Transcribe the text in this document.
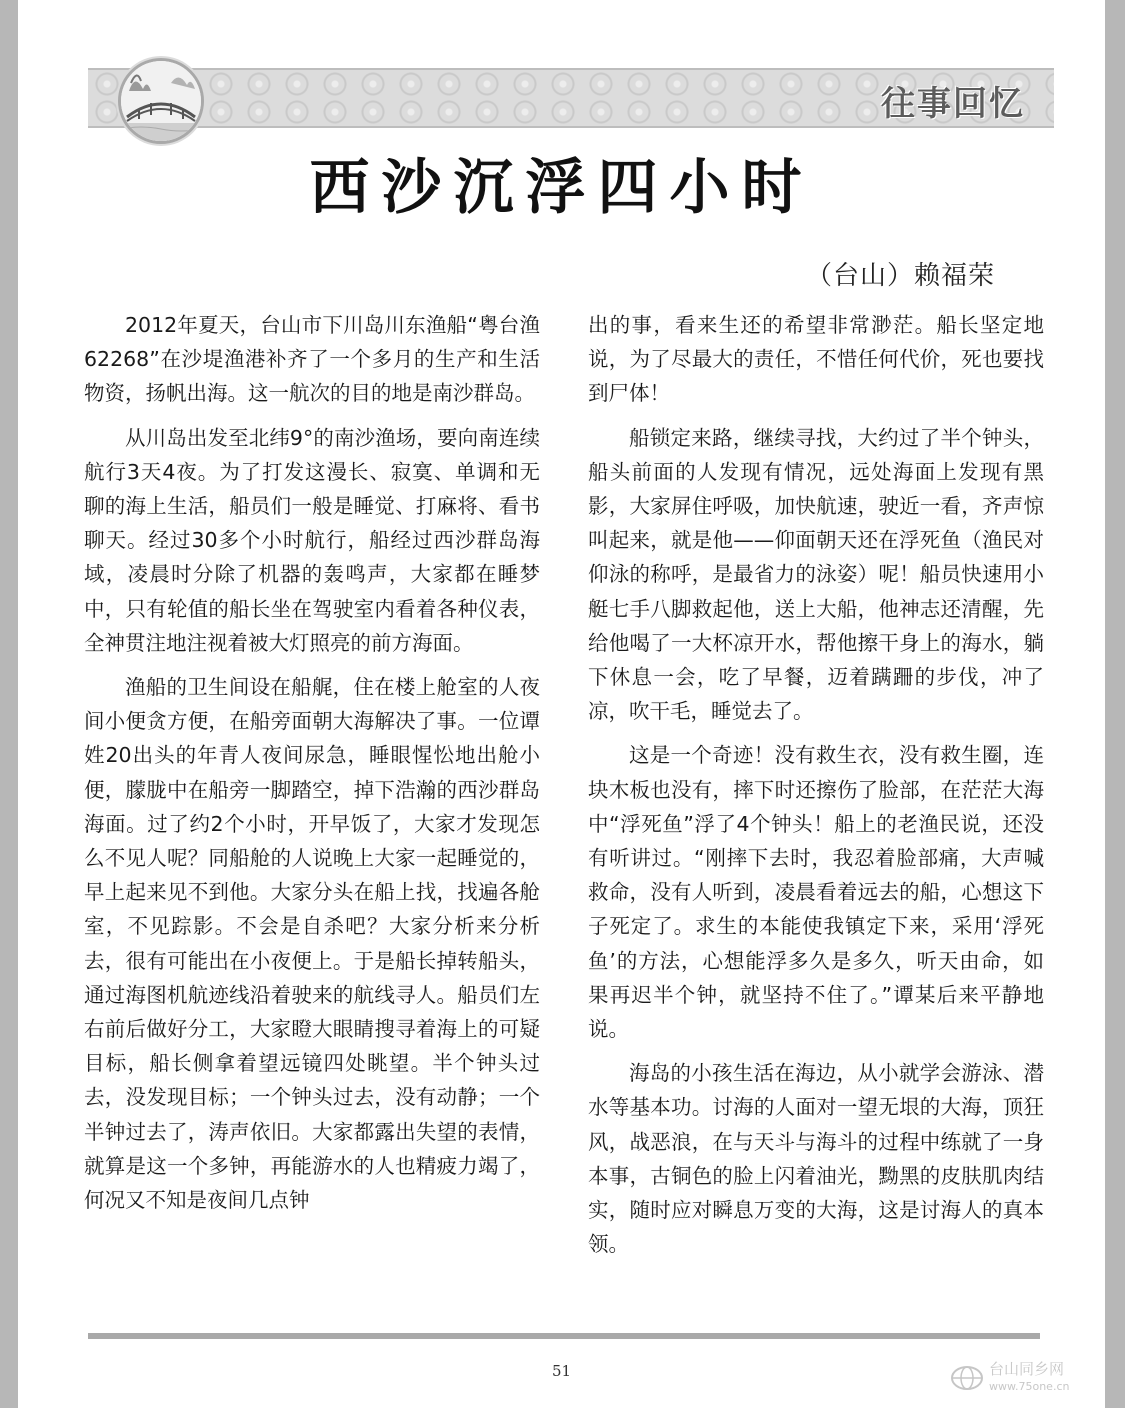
往事回忆
西沙沉浮四小时
（台山）赖福荣

2012年夏天，台山市下川岛川东渔船“粤台渔62268”在沙堤渔港补齐了一个多月的生产和生活物资，扬帆出海。这一航次的目的地是南沙群岛。

从川岛出发至北纬9°的南沙渔场，要向南连续航行3天4夜。为了打发这漫长、寂寞、单调和无聊的海上生活，船员们一般是睡觉、打麻将、看书聊天。经过30多个小时航行，船经过西沙群岛海域，凌晨时分除了机器的轰鸣声，大家都在睡梦中，只有轮值的船长坐在驾驶室内看着各种仪表，全神贯注地注视着被大灯照亮的前方海面。

渔船的卫生间设在船艉，住在楼上舱室的人夜间小便贪方便，在船旁面朝大海解决了事。一位谭姓20出头的年青人夜间尿急，睡眼惺忪地出舱小便，朦胧中在船旁一脚踏空，掉下浩瀚的西沙群岛海面。过了约2个小时，开早饭了，大家才发现怎么不见人呢？同船舱的人说晚上大家一起睡觉的，早上起来见不到他。大家分头在船上找，找遍各舱室，不见踪影。不会是自杀吧？大家分析来分析去，很有可能出在小夜便上。于是船长掉转船头，通过海图机航迹线沿着驶来的航线寻人。船员们左右前后做好分工，大家瞪大眼睛搜寻着海上的可疑目标，船长侧拿着望远镜四处眺望。半个钟头过去，没发现目标；一个钟头过去，没有动静；一个半钟过去了，涛声依旧。大家都露出失望的表情，就算是这一个多钟，再能游水的人也精疲力竭了，何况又不知是夜间几点钟

出的事，看来生还的希望非常渺茫。船长坚定地说，为了尽最大的责任，不惜任何代价，死也要找到尸体！

船锁定来路，继续寻找，大约过了半个钟头，船头前面的人发现有情况，远处海面上发现有黑影，大家屏住呼吸，加快航速，驶近一看，齐声惊叫起来，就是他——仰面朝天还在浮死鱼（渔民对仰泳的称呼，是最省力的泳姿）呢！船员快速用小艇七手八脚救起他，送上大船，他神志还清醒，先给他喝了一大杯凉开水，帮他擦干身上的海水，躺下休息一会，吃了早餐，迈着蹒跚的步伐，冲了凉，吹干毛，睡觉去了。

这是一个奇迹！没有救生衣，没有救生圈，连块木板也没有，摔下时还擦伤了脸部，在茫茫大海中“浮死鱼”浮了4个钟头！船上的老渔民说，还没有听讲过。“刚摔下去时，我忍着脸部痛，大声喊救命，没有人听到，凌晨看着远去的船，心想这下子死定了。求生的本能使我镇定下来，采用‘浮死鱼’的方法，心想能浮多久是多久，听天由命，如果再迟半个钟，就坚持不住了。”谭某后来平静地说。

海岛的小孩生活在海边，从小就学会游泳、潜水等基本功。讨海的人面对一望无垠的大海，顶狂风，战恶浪，在与天斗与海斗的过程中练就了一身本事，古铜色的脸上闪着油光，黝黑的皮肤肌肉结实，随时应对瞬息万变的大海，这是讨海人的真本领。

51	台山同乡网
www.75one.cn
